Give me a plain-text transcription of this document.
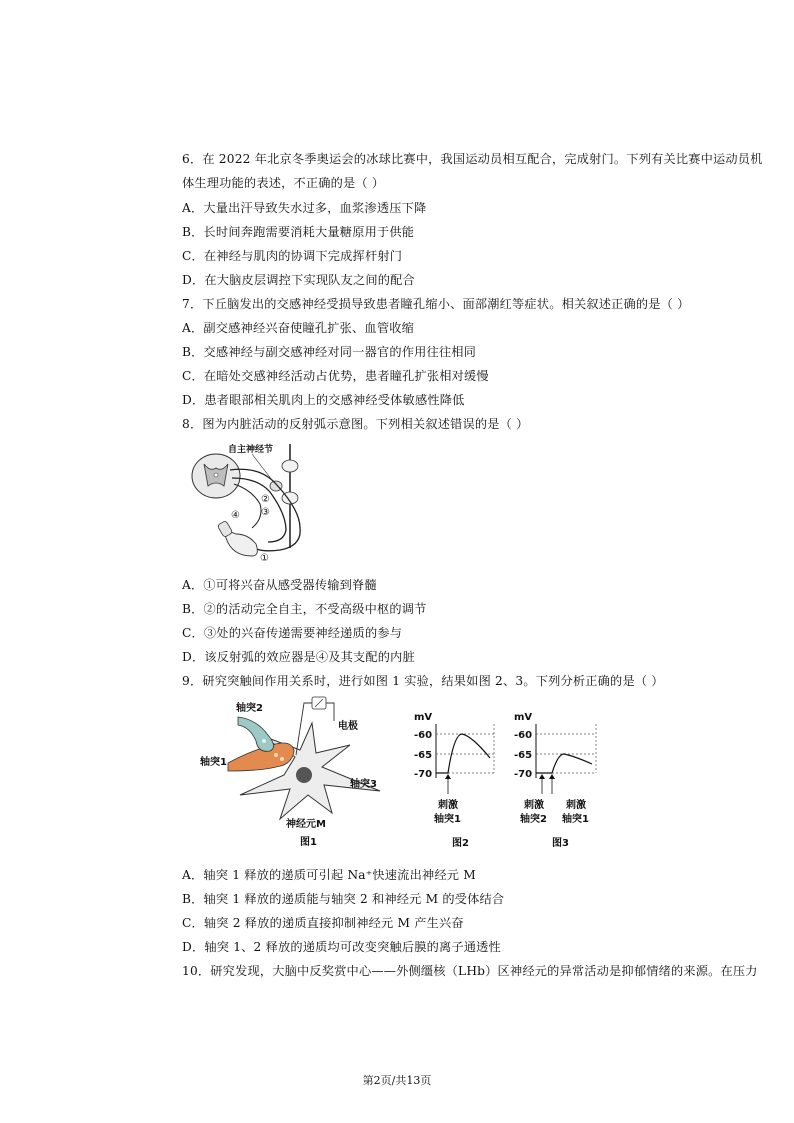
6．在 2022 年北京冬季奥运会的冰球比赛中，我国运动员相互配合，完成射门。下列有关比赛中运动员机
体生理功能的表述，不正确的是（ ）
A．大量出汗导致失水过多，血浆渗透压下降
B．长时间奔跑需要消耗大量糖原用于供能
C．在神经与肌肉的协调下完成挥杆射门
D．在大脑皮层调控下实现队友之间的配合
7．下丘脑发出的交感神经受损导致患者瞳孔缩小、面部潮红等症状。相关叙述正确的是（ ）
A．副交感神经兴奋使瞳孔扩张、血管收缩
B．交感神经与副交感神经对同一器官的作用往往相同
C．在暗处交感神经活动占优势，患者瞳孔扩张相对缓慢
D．患者眼部相关肌肉上的交感神经受体敏感性降低
8．图为内脏活动的反射弧示意图。下列相关叙述错误的是（ ）
自主神经节
②
③
④
①
A．①可将兴奋从感受器传输到脊髓
B．②的活动完全自主，不受高级中枢的调节
C．③处的兴奋传递需要神经递质的参与
D．该反射弧的效应器是④及其支配的内脏
9．研究突触间作用关系时，进行如图 1 实验，结果如图 2、3。下列分析正确的是（ ）
轴突2
电极
轴突1
轴突3
神经元M
图1
mV
-60
-65
-70
刺激
轴突1
图2
mV
-60
-65
-70
刺激
轴突2
刺激
轴突1
图3
A．轴突 1 释放的递质可引起 Na⁺快速流出神经元 M
B．轴突 1 释放的递质能与轴突 2 和神经元 M 的受体结合
C．轴突 2 释放的递质直接抑制神经元 M 产生兴奋
D．轴突 1、2 释放的递质均可改变突触后膜的离子通透性
10．研究发现，大脑中反奖赏中心——外侧缰核（LHb）区神经元的异常活动是抑郁情绪的来源。在压力
第2页/共13页
